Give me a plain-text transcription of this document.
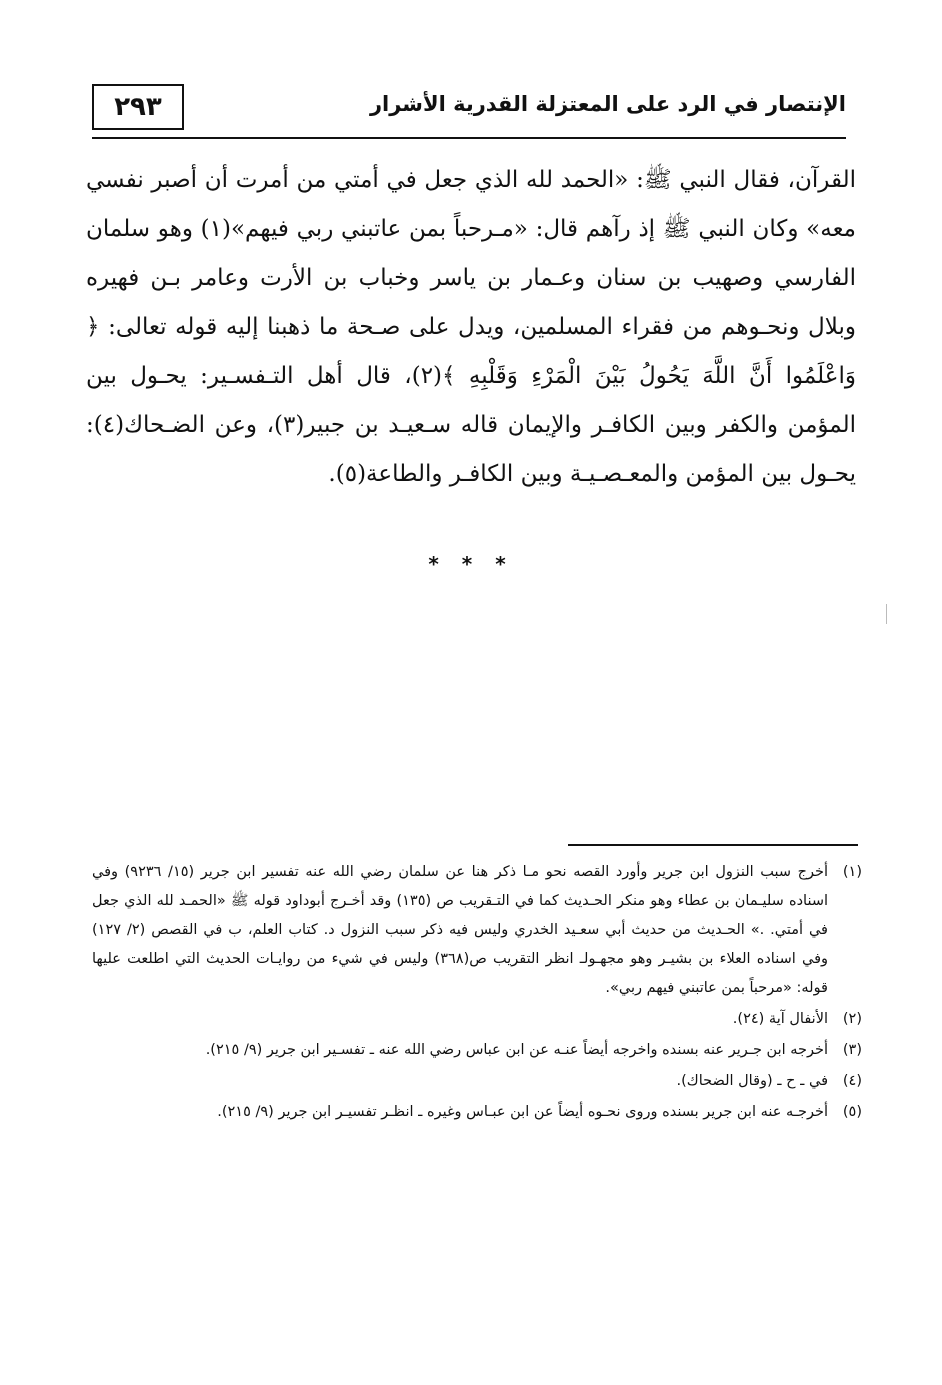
٢٩٣	الإنتصار في الرد على المعتزلة القدرية الأشرار

القرآن، فقال النبي ﷺ: «الحمد لله الذي جعل في أمتي من أمرت أن أصبر نفسي معه» وكان النبي ﷺ إذ رآهم قال: «مـرحباً بمن عاتبني ربي فيهم»(١) وهو سلمان الفارسي وصهيب بن سنان وعـمار بن ياسر وخباب بن الأرت وعامر بـن فهيره وبلال ونحـوهم من فقراء المسلمين، ويدل على صـحة ما ذهبنا إليه قوله تعالى: ﴿ وَاعْلَمُوا أَنَّ اللَّهَ يَحُولُ بَيْنَ الْمَرْءِ وَقَلْبِهِ ﴾(٢)، قال أهل التـفسـير: يحـول بين المؤمن والكفر وبين الكافـر والإيمان قاله سـعيـد بن جبير(٣)، وعن الضـحاك(٤): يحـول بين المؤمن والمعـصـيـة وبين الكافـر والطاعة(٥).

* * *
(١)
أخرج سبب النزول ابن جرير وأورد القصه نحو مـا ذكر هنا عن سلمان رضي الله عنه تفسير ابن جرير (١٥/ ٩٢٣٦) وفي اسناده سليـمان بن عطاء وهو منكر الحـديث كما في التـقريب ص (١٣٥) وقد أخـرج أبوداود قوله ﷺ «الحمـد لله الذي جعل في أمتي. .» الحـديث من حديث أبي سعـيد الخدري وليس فيه ذكر سبب النزول د. كتاب العلم، ب في القصص (٢/ ١٢٧) وفي اسناده العلاء بن بشيـر وهو مجهـولـ انظر التقريب ص(٣٦٨) وليس في شيء من روايـات الحديث التي اطلعت عليها قوله: «مرحباً بمن عاتبني فيهم ربي».
(٢)
الأنفال آية (٢٤).
(٣)
أخرجه ابن جـرير عنه بسنده واخرجه أيضاً عنـه عن ابن عباس رضي الله عنه ـ تفسـير ابن جرير (٩/ ٢١٥).
(٤)
في ـ ح ـ (وقال الضحاك).
(٥)
أخرجـه عنه ابن جرير بسنده وروى نحـوه أيضاً عن ابن عبـاس وغيره ـ انظـر تفسيـر ابن جرير (٩/ ٢١٥).
